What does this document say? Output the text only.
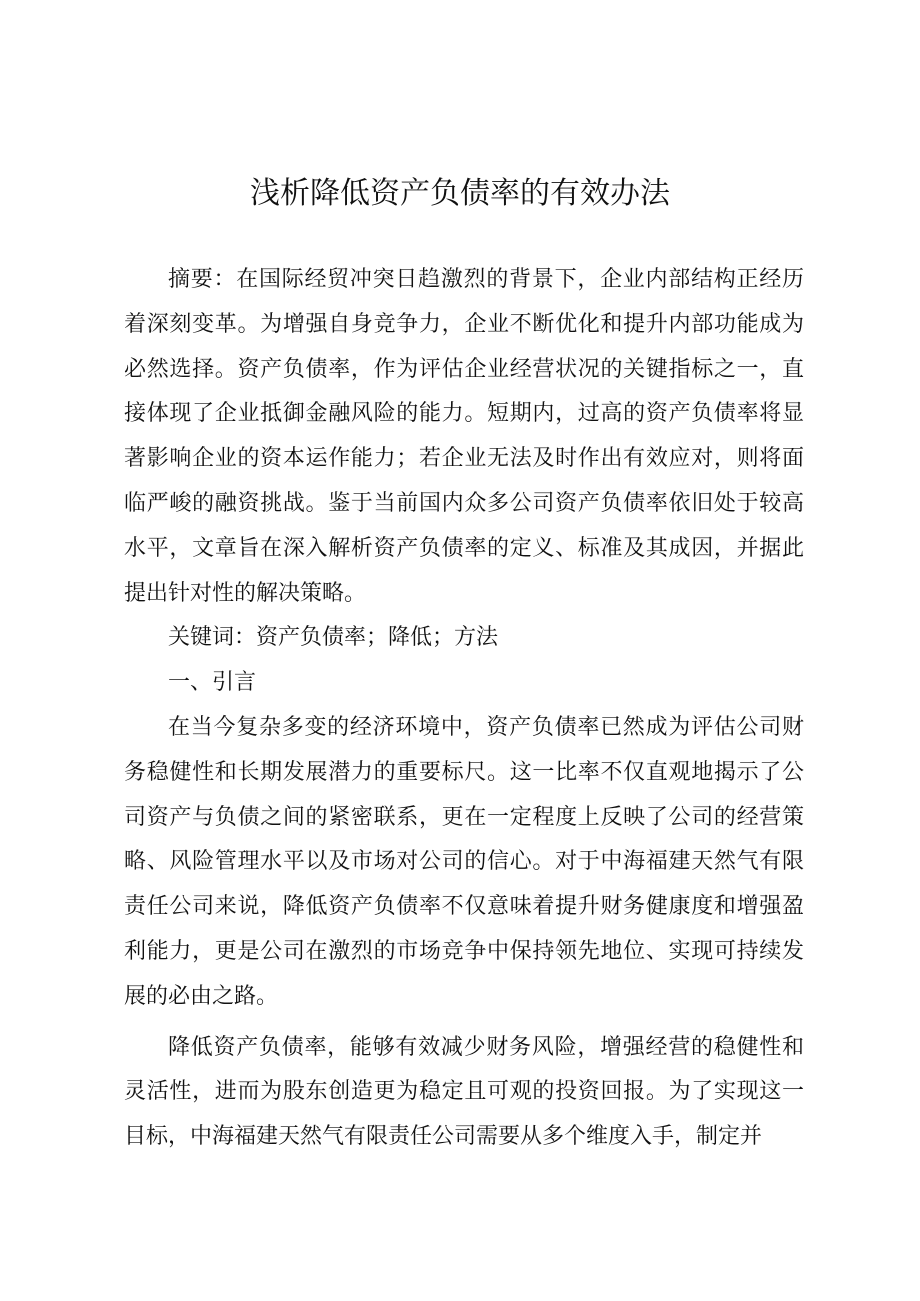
浅析降低资产负债率的有效办法

摘要：在国际经贸冲突日趋激烈的背景下，企业内部结构正经历着深刻变革。为增强自身竞争力，企业不断优化和提升内部功能成为必然选择。资产负债率，作为评估企业经营状况的关键指标之一，直接体现了企业抵御金融风险的能力。短期内，过高的资产负债率将显著影响企业的资本运作能力；若企业无法及时作出有效应对，则将面临严峻的融资挑战。鉴于当前国内众多公司资产负债率依旧处于较高水平，文章旨在深入解析资产负债率的定义、标准及其成因，并据此提出针对性的解决策略。

关键词：资产负债率；降低；方法

一、引言

在当今复杂多变的经济环境中，资产负债率已然成为评估公司财务稳健性和长期发展潜力的重要标尺。这一比率不仅直观地揭示了公司资产与负债之间的紧密联系，更在一定程度上反映了公司的经营策略、风险管理水平以及市场对公司的信心。对于中海福建天然气有限责任公司来说，降低资产负债率不仅意味着提升财务健康度和增强盈利能力，更是公司在激烈的市场竞争中保持领先地位、实现可持续发展的必由之路。

降低资产负债率，能够有效减少财务风险，增强经营的稳健性和灵活性，进而为股东创造更为稳定且可观的投资回报。为了实现这一目标，中海福建天然气有限责任公司需要从多个维度入手，制定并
